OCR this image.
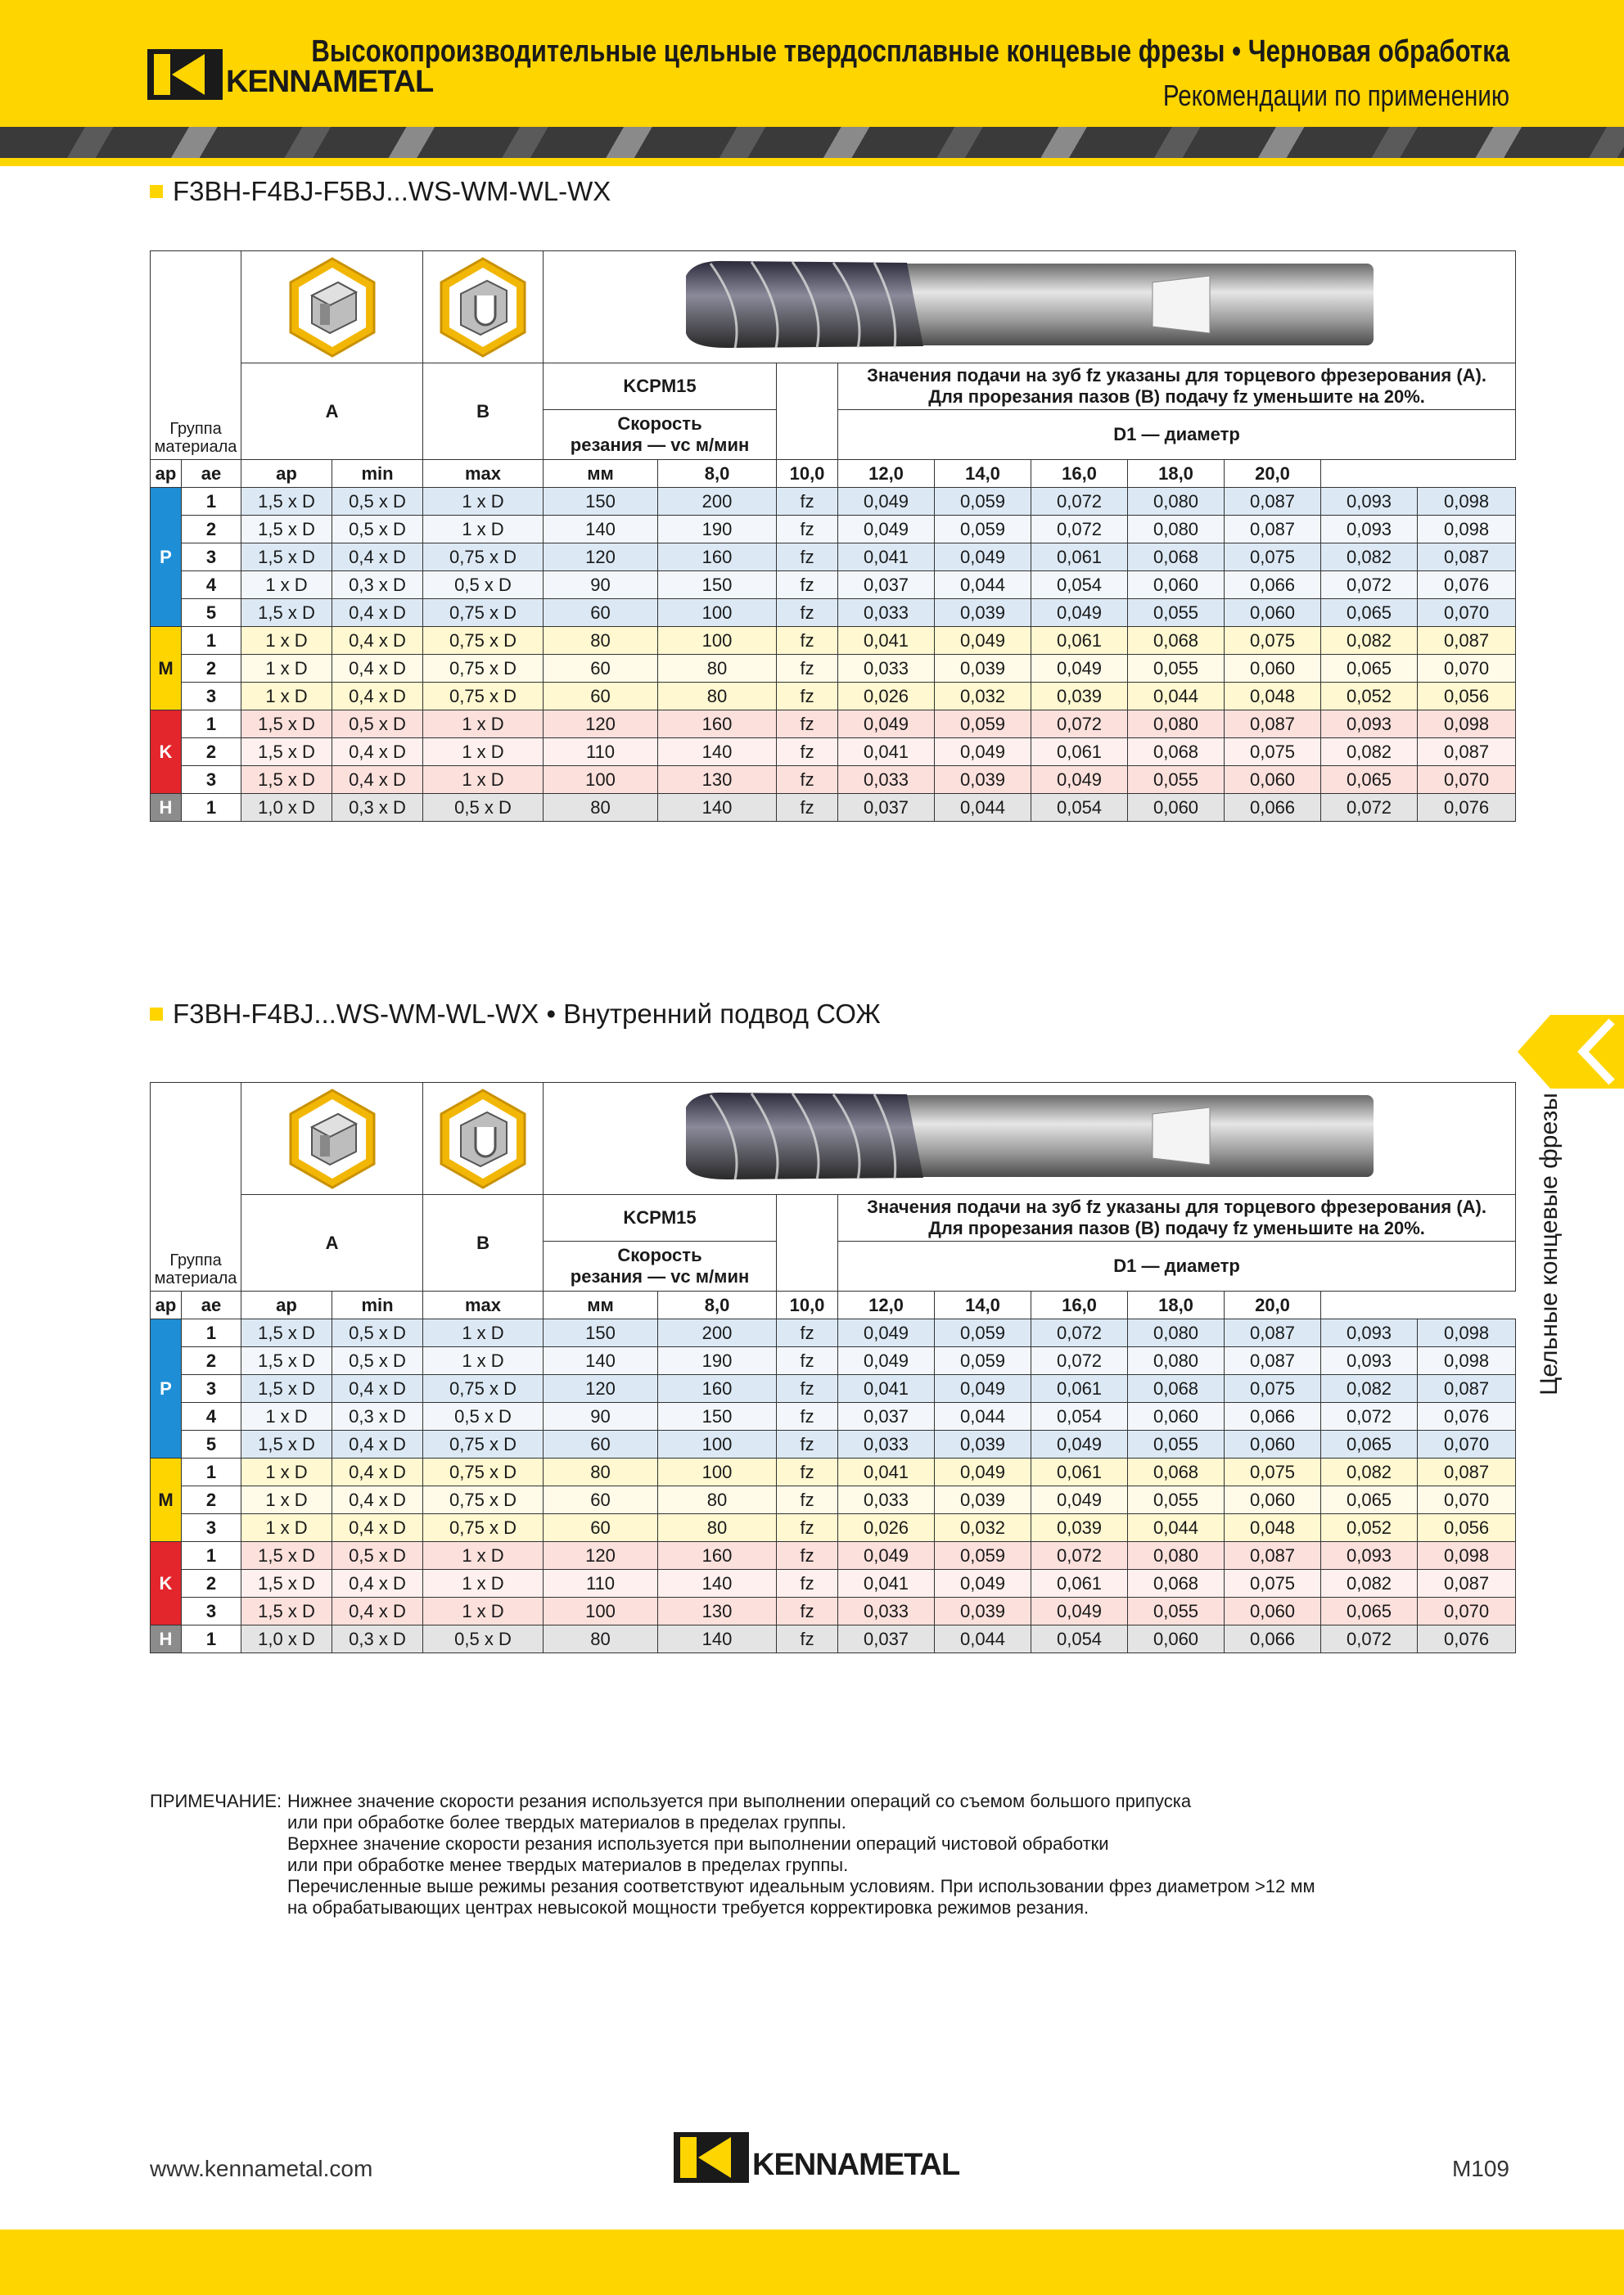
KENNAMETAL
Высокопроизводительные цельные твердосплавные концевые фрезы • Черновая обработка
Рекомендации по применению
F3BH-F4BJ-F5BJ...WS-WM-WL-WX
Группа
материала

		A		B	KCPM15			Значения подачи на зуб fz указаны для торцевого фрезерования (A).
Для прорезания пазов (B) подачу fz уменьшите на 20%.						

					Скорость
резания — vc м/мин			D1 — диаметр						
ap	ae	ap	min	max	мм	8,0	10,0	12,0	14,0	16,0	18,0	20,0		
P	1	1,5 x D	0,5 x D	1 x D	150	200	fz	0,049	0,059	0,072	0,080	0,087	0,093	0,098
	2	1,5 x D	0,5 x D	1 x D	140	190	fz	0,049	0,059	0,072	0,080	0,087	0,093	0,098
	3	1,5 x D	0,4 x D	0,75 x D	120	160	fz	0,041	0,049	0,061	0,068	0,075	0,082	0,087
	4	1 x D	0,3 x D	0,5 x D	90	150	fz	0,037	0,044	0,054	0,060	0,066	0,072	0,076
	5	1,5 x D	0,4 x D	0,75 x D	60	100	fz	0,033	0,039	0,049	0,055	0,060	0,065	0,070
M	1	1 x D	0,4 x D	0,75 x D	80	100	fz	0,041	0,049	0,061	0,068	0,075	0,082	0,087
	2	1 x D	0,4 x D	0,75 x D	60	80	fz	0,033	0,039	0,049	0,055	0,060	0,065	0,070
	3	1 x D	0,4 x D	0,75 x D	60	80	fz	0,026	0,032	0,039	0,044	0,048	0,052	0,056
K	1	1,5 x D	0,5 x D	1 x D	120	160	fz	0,049	0,059	0,072	0,080	0,087	0,093	0,098
	2	1,5 x D	0,4 x D	1 x D	110	140	fz	0,041	0,049	0,061	0,068	0,075	0,082	0,087
	3	1,5 x D	0,4 x D	1 x D	100	130	fz	0,033	0,039	0,049	0,055	0,060	0,065	0,070
H	1	1,0 x D	0,3 x D	0,5 x D	80	140	fz	0,037	0,044	0,054	0,060	0,066	0,072	0,076
F3BH-F4BJ...WS-WM-WL-WX • Внутренний подвод СОЖ
Группа
материала

		A		B	KCPM15			Значения подачи на зуб fz указаны для торцевого фрезерования (A).
Для прорезания пазов (B) подачу fz уменьшите на 20%.						

					Скорость
резания — vc м/мин			D1 — диаметр						
ap	ae	ap	min	max	мм	8,0	10,0	12,0	14,0	16,0	18,0	20,0		
P	1	1,5 x D	0,5 x D	1 x D	150	200	fz	0,049	0,059	0,072	0,080	0,087	0,093	0,098
	2	1,5 x D	0,5 x D	1 x D	140	190	fz	0,049	0,059	0,072	0,080	0,087	0,093	0,098
	3	1,5 x D	0,4 x D	0,75 x D	120	160	fz	0,041	0,049	0,061	0,068	0,075	0,082	0,087
	4	1 x D	0,3 x D	0,5 x D	90	150	fz	0,037	0,044	0,054	0,060	0,066	0,072	0,076
	5	1,5 x D	0,4 x D	0,75 x D	60	100	fz	0,033	0,039	0,049	0,055	0,060	0,065	0,070
M	1	1 x D	0,4 x D	0,75 x D	80	100	fz	0,041	0,049	0,061	0,068	0,075	0,082	0,087
	2	1 x D	0,4 x D	0,75 x D	60	80	fz	0,033	0,039	0,049	0,055	0,060	0,065	0,070
	3	1 x D	0,4 x D	0,75 x D	60	80	fz	0,026	0,032	0,039	0,044	0,048	0,052	0,056
K	1	1,5 x D	0,5 x D	1 x D	120	160	fz	0,049	0,059	0,072	0,080	0,087	0,093	0,098
	2	1,5 x D	0,4 x D	1 x D	110	140	fz	0,041	0,049	0,061	0,068	0,075	0,082	0,087
	3	1,5 x D	0,4 x D	1 x D	100	130	fz	0,033	0,039	0,049	0,055	0,060	0,065	0,070
H	1	1,0 x D	0,3 x D	0,5 x D	80	140	fz	0,037	0,044	0,054	0,060	0,066	0,072	0,076
Цельные концевые фрезы
ПРИМЕЧАНИЕ: Нижнее значение скорости резания используется при выполнении операций со съемом большого припуска
или при обработке более твердых материалов в пределах группы.
Верхнее значение скорости резания используется при выполнении операций чистовой обработки
или при обработке менее твердых материалов в пределах группы.
Перечисленные выше режимы резания соответствуют идеальным условиям. При использовании фрез диаметром >12 мм
на обрабатывающих центрах невысокой мощности требуется корректировка режимов резания.
www.kennametal.com	KENNAMETAL	M109
